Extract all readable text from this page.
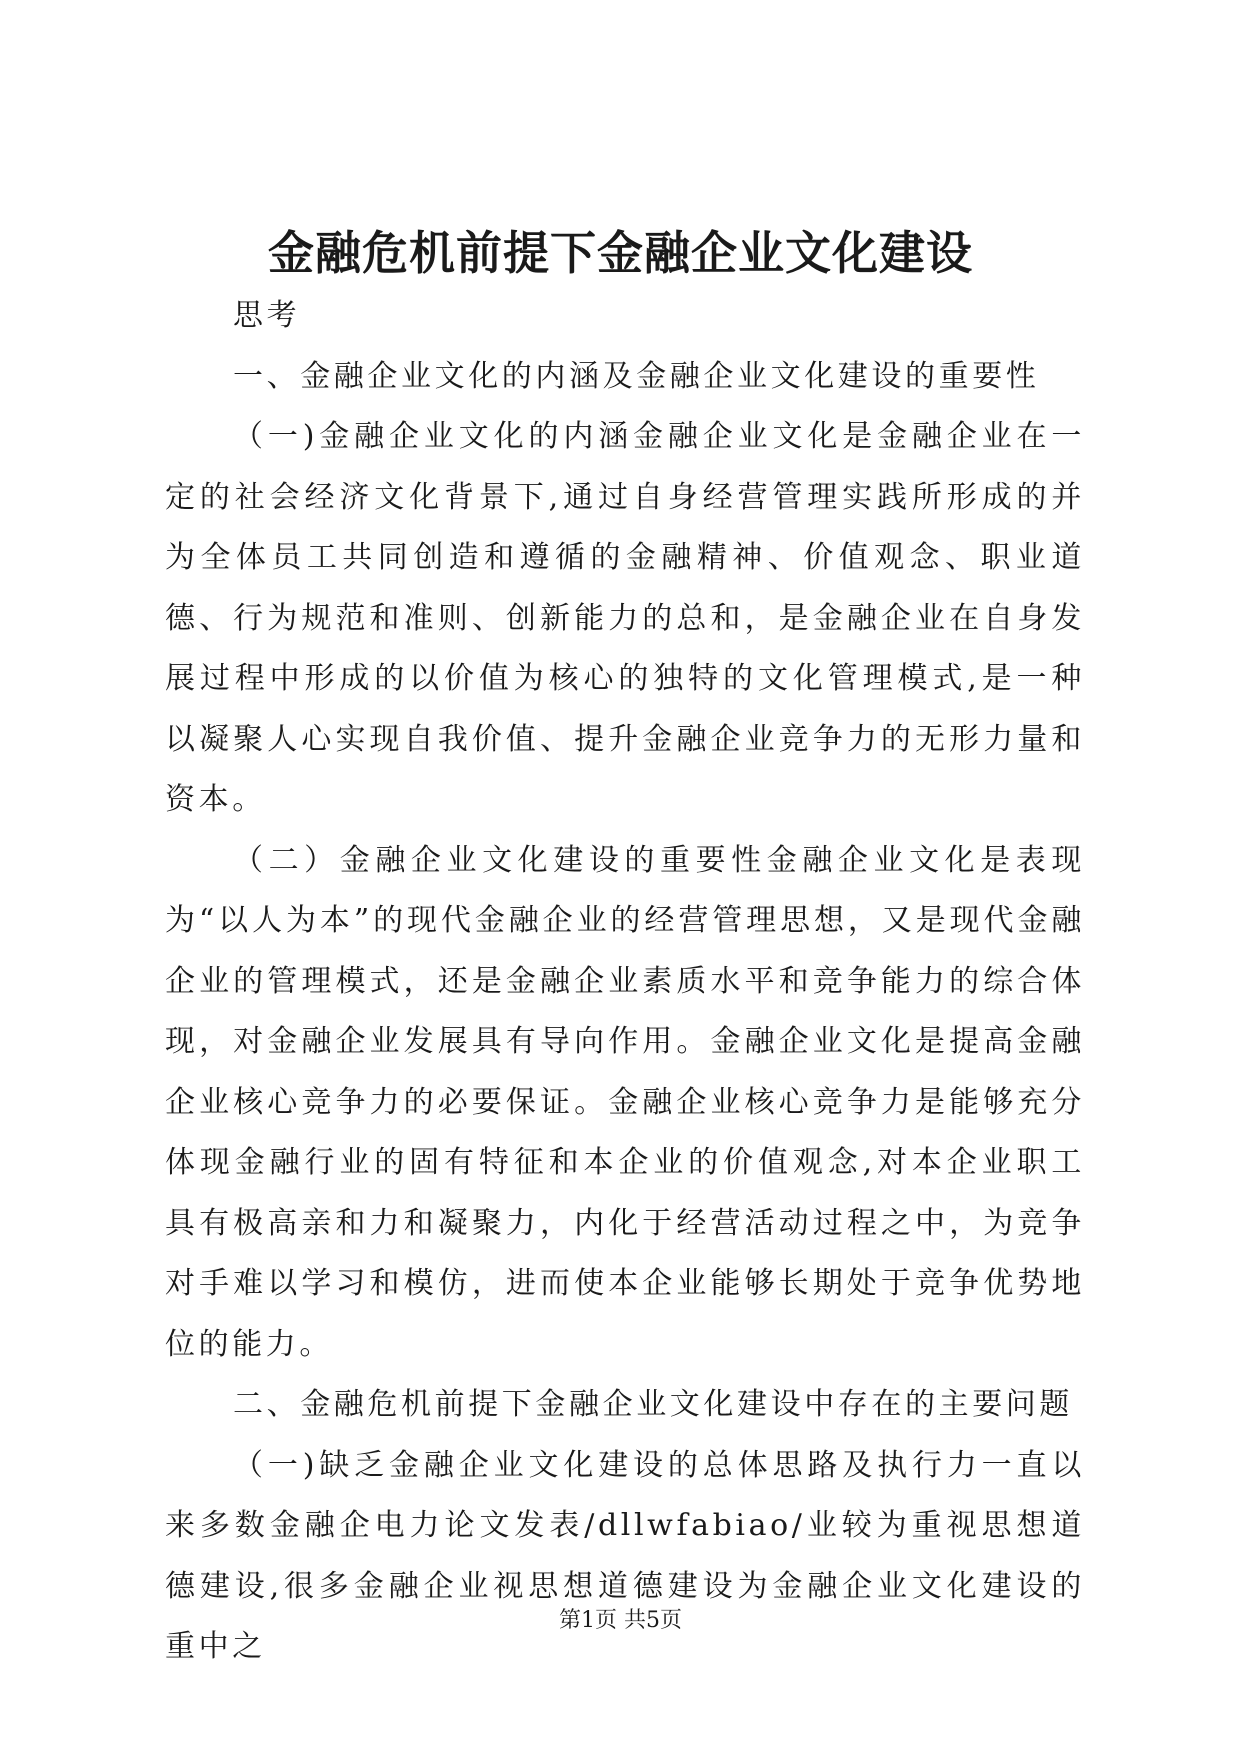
金融危机前提下金融企业文化建设

思考

一、金融企业文化的内涵及金融企业文化建设的重要性

（一)金融企业文化的内涵金融企业文化是金融企业在一定的社会经济文化背景下,通过自身经营管理实践所形成的并为全体员工共同创造和遵循的金融精神、价值观念、职业道德、行为规范和准则、创新能力的总和，是金融企业在自身发展过程中形成的以价值为核心的独特的文化管理模式,是一种以凝聚人心实现自我价值、提升金融企业竞争力的无形力量和资本。

（二）金融企业文化建设的重要性金融企业文化是表现为“以人为本”的现代金融企业的经营管理思想，又是现代金融企业的管理模式，还是金融企业素质水平和竞争能力的综合体现，对金融企业发展具有导向作用。金融企业文化是提高金融企业核心竞争力的必要保证。金融企业核心竞争力是能够充分体现金融行业的固有特征和本企业的价值观念,对本企业职工具有极高亲和力和凝聚力，内化于经营活动过程之中，为竞争对手难以学习和模仿，进而使本企业能够长期处于竞争优势地位的能力。

二、金融危机前提下金融企业文化建设中存在的主要问题

（一)缺乏金融企业文化建设的总体思路及执行力一直以来多数金融企电力论文发表/dllwfabiao/业较为重视思想道德建设,很多金融企业视思想道德建设为金融企业文化建设的重中之

第1页 共5页
